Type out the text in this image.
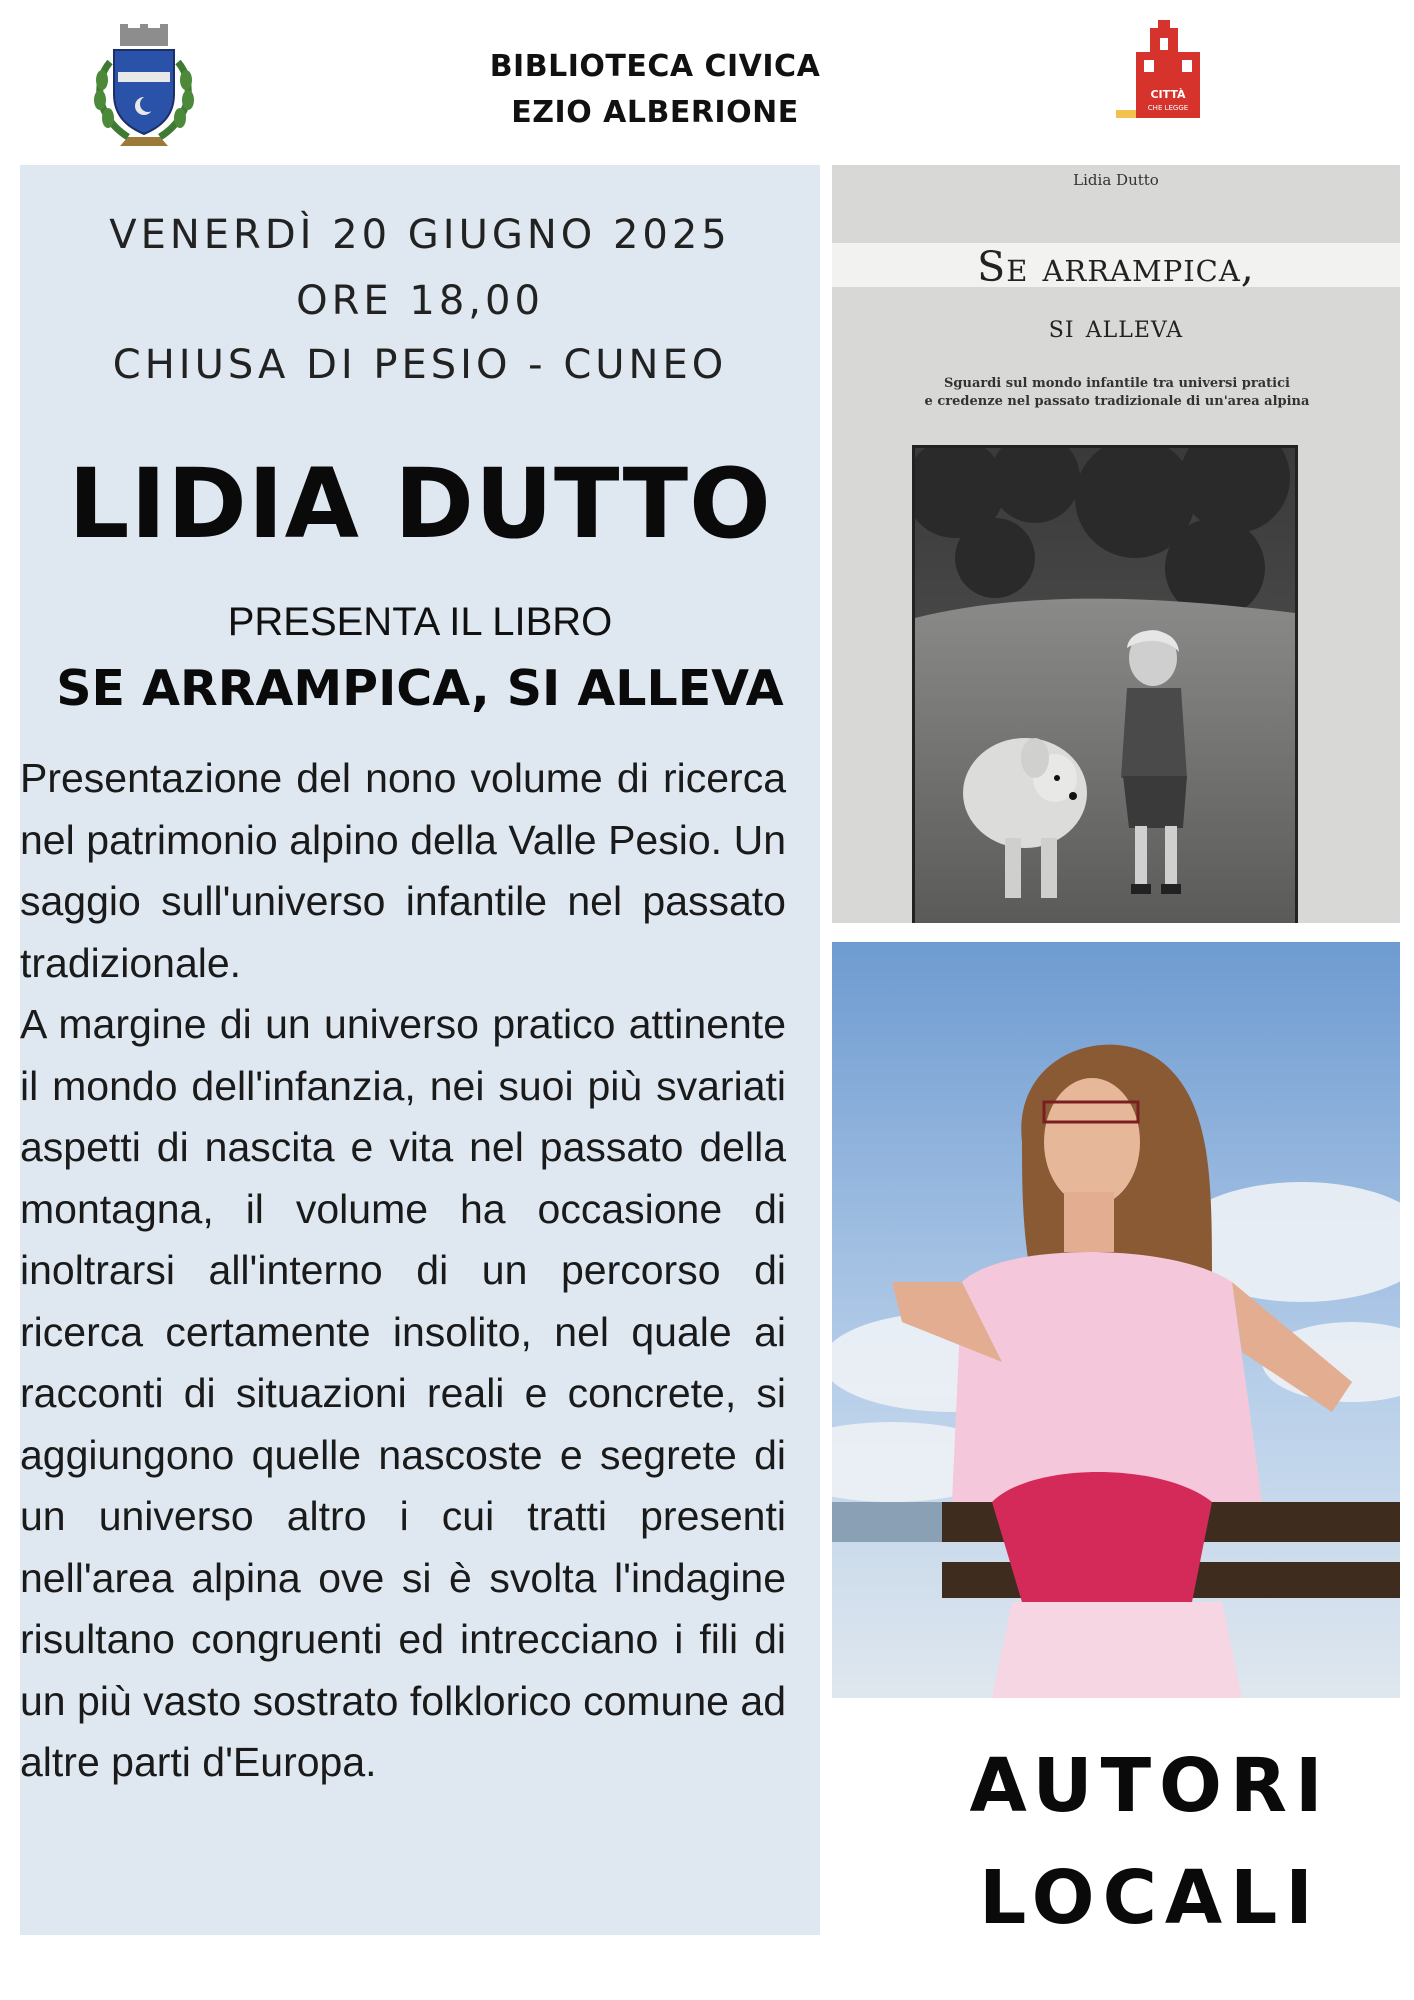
BIBLIOTECA CIVICA
EZIO ALBERIONE
CITTÀ
CHE LEGGE
VENERDÌ 20 GIUGNO 2025
ORE 18,00
CHIUSA DI PESIO - CUNEO
LIDIA DUTTO
PRESENTA IL LIBRO
SE ARRAMPICA, SI ALLEVA

Presentazione del nono volume di ricerca nel patrimonio alpino della Valle Pesio. Un saggio sull'universo infantile nel passato tradizionale.

A margine di un universo pratico attinente il mondo dell'infanzia, nei suoi più svariati aspetti di nascita e vita nel passato della montagna, il volume ha occasione di inoltrarsi all'interno di un percorso di ricerca certamente insolito, nel quale ai racconti di situazioni reali e concrete, si aggiungono quelle nascoste e segrete di un universo altro i cui tratti presenti nell'area alpina ove si è svolta l'indagine risultano congruenti ed intrecciano i fili di un più vasto sostrato folklorico comune ad altre parti d'Europa.

Lidia Dutto
Se arrampica,
si alleva
Sguardi sul mondo infantile tra universi pratici
e credenze nel passato tradizionale di un'area alpina
AUTORI
LOCALI
